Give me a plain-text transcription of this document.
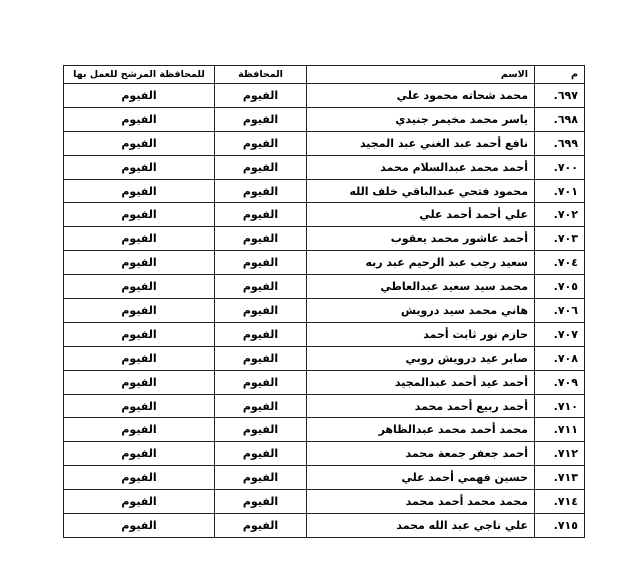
م	الاسم	المحافظة	للمحافظة المرشح للعمل بها
٦٩٧.	محمد شحاته محمود علي	الفيوم	الفيوم
٦٩٨.	ياسر محمد مخيمر جنيدي	الفيوم	الفيوم
٦٩٩.	نافع أحمد عبد الغني عبد المجيد	الفيوم	الفيوم
٧٠٠.	أحمد محمد عبدالسلام محمد	الفيوم	الفيوم
٧٠١.	محمود فتحي عبدالباقي خلف الله	الفيوم	الفيوم
٧٠٢.	علي أحمد أحمد علي	الفيوم	الفيوم
٧٠٣.	أحمد عاشور محمد يعقوب	الفيوم	الفيوم
٧٠٤.	سعيد رجب عبد الرحيم عبد ربه	الفيوم	الفيوم
٧٠٥.	محمد سيد سعيد عبدالعاطي	الفيوم	الفيوم
٧٠٦.	هاني محمد سيد درويش	الفيوم	الفيوم
٧٠٧.	حازم نور ثابت أحمد	الفيوم	الفيوم
٧٠٨.	صابر عيد درويش روبي	الفيوم	الفيوم
٧٠٩.	أحمد عيد أحمد عبدالمجيد	الفيوم	الفيوم
٧١٠.	أحمد ربيع أحمد محمد	الفيوم	الفيوم
٧١١.	محمد أحمد محمد عبدالظاهر	الفيوم	الفيوم
٧١٢.	أحمد جعفر جمعة محمد	الفيوم	الفيوم
٧١٣.	حسين فهمي أحمد علي	الفيوم	الفيوم
٧١٤.	محمد محمد أحمد محمد	الفيوم	الفيوم
٧١٥.	علي ناجي عبد الله محمد	الفيوم	الفيوم
